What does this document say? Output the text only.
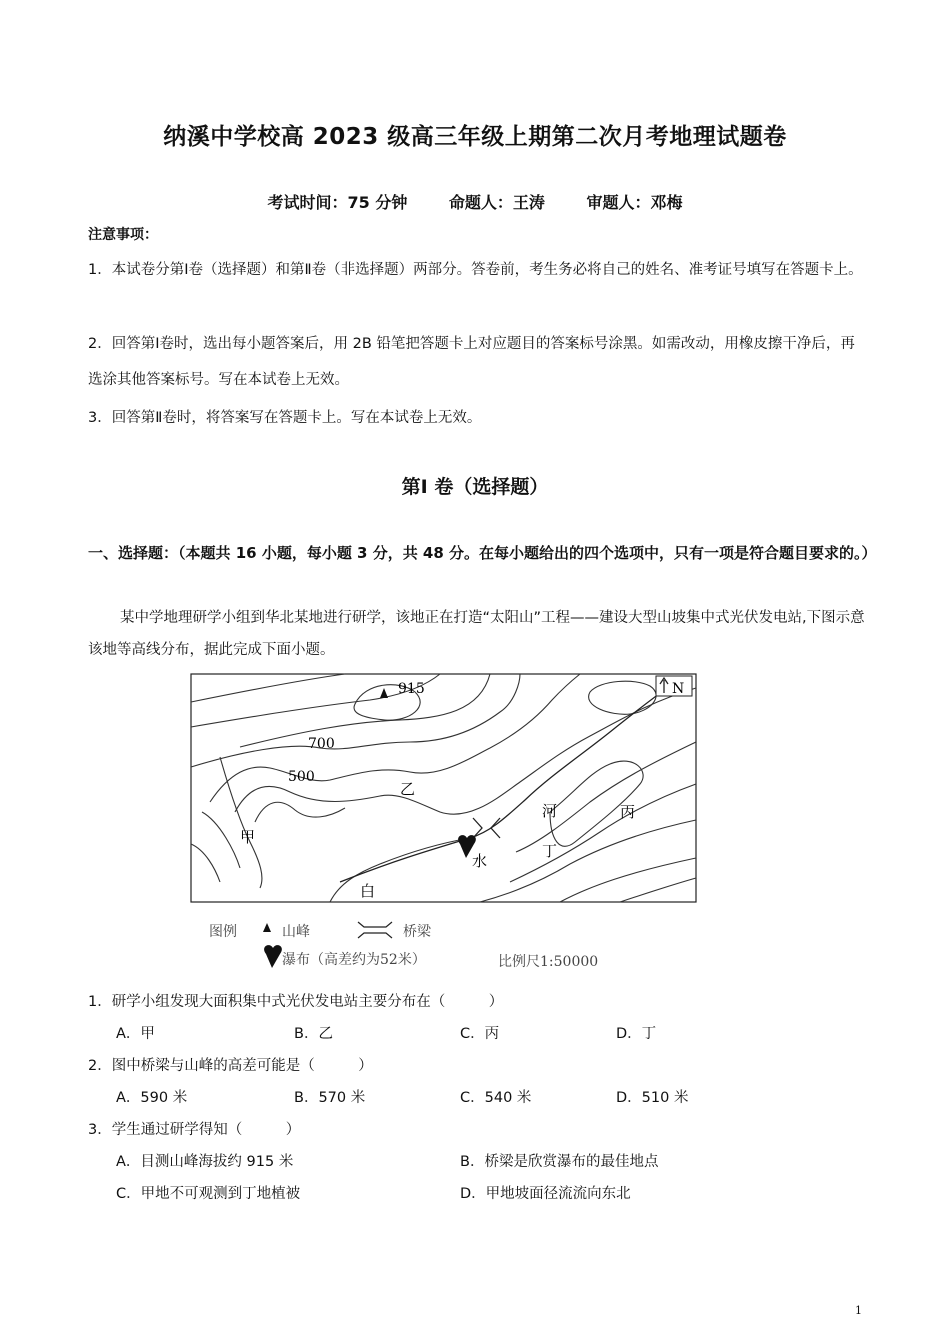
纳溪中学校高 2023 级高三年级上期第二次月考地理试题卷
考试时间：75 分钟	命题人：王涛	审题人：邓梅
注意事项：
1．本试卷分第Ⅰ卷（选择题）和第Ⅱ卷（非选择题）两部分。答卷前，考生务必将自己的姓名、准考证号填写在答题卡上。
2．回答第Ⅰ卷时，选出每小题答案后，用 2B 铅笔把答题卡上对应题目的答案标号涂黑。如需改动，用橡皮擦干净后，再选涂其他答案标号。写在本试卷上无效。
3．回答第Ⅱ卷时，将答案写在答题卡上。写在本试卷上无效。
第Ⅰ 卷（选择题）
一、选择题：（本题共 16 小题，每小题 3 分，共 48 分。在每小题给出的四个选项中，只有一项是符合题目要求的。）
某中学地理研学小组到华北某地进行研学，该地正在打造“太阳山”工程——建设大型山坡集中式光伏发电站,下图示意该地等高线分布，据此完成下面小题。
915
700
500
N
甲
乙
丙
丁
白
河
水
图例	山峰	桥梁
瀑布（高差约为52米）	比例尺1:50000
1．研学小组发现大面积集中式光伏发电站主要分布在（　　　）
A．甲	B．乙	C．丙	D．丁
2．图中桥梁与山峰的高差可能是（　　　）
A．590 米	B．570 米	C．540 米	D．510 米
3．学生通过研学得知（　　　）
A．目测山峰海拔约 915 米	B．桥梁是欣赏瀑布的最佳地点
C．甲地不可观测到丁地植被	D．甲地坡面径流流向东北
1
